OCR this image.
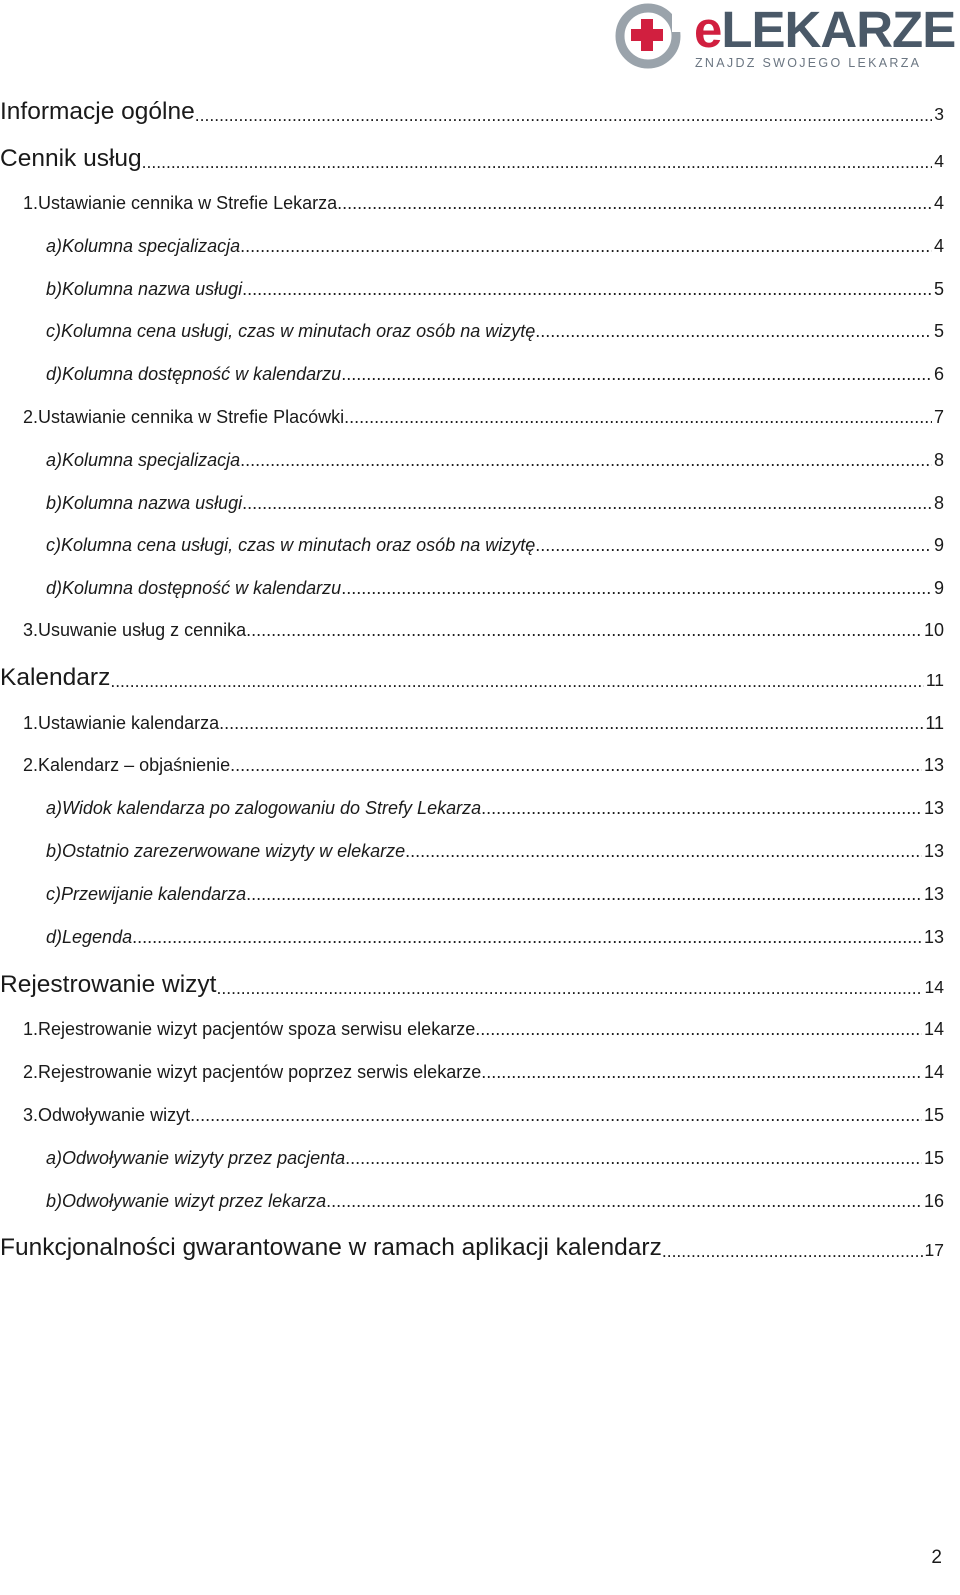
eLEKARZE
ZNAJDZ SWOJEGO LEKARZA
Informacje ogólne .....	3
Cennik usług .....	4
1. Ustawianie cennika w Strefie Lekarza .....	4
a) Kolumna specjalizacja .....	4
b) Kolumna nazwa usługi .....	5
c) Kolumna cena usługi, czas w minutach oraz osób na wizytę .....	5
d) Kolumna dostępność w kalendarzu .....	6
2. Ustawianie cennika w Strefie Placówki .....	7
a) Kolumna specjalizacja .....	8
b) Kolumna nazwa usługi .....	8
c) Kolumna cena usługi, czas w minutach oraz osób na wizytę .....	9
d) Kolumna dostępność w kalendarzu .....	9
3. Usuwanie usług z cennika .....	10
Kalendarz .....	11
1. Ustawianie kalendarza .....	11
2. Kalendarz – objaśnienie .....	13
a) Widok kalendarza po zalogowaniu do Strefy Lekarza .....	13
b) Ostatnio zarezerwowane wizyty w elekarze .....	13
c) Przewijanie kalendarza .....	13
d) Legenda .....	13
Rejestrowanie wizyt .....	14
1. Rejestrowanie wizyt pacjentów spoza serwisu elekarze .....	14
2. Rejestrowanie wizyt pacjentów poprzez serwis elekarze .....	14
3. Odwoływanie wizyt .....	15
a) Odwoływanie wizyty przez pacjenta .....	15
b) Odwoływanie wizyt przez lekarza .....	16
Funkcjonalności gwarantowane w ramach aplikacji kalendarz .....	17
2
